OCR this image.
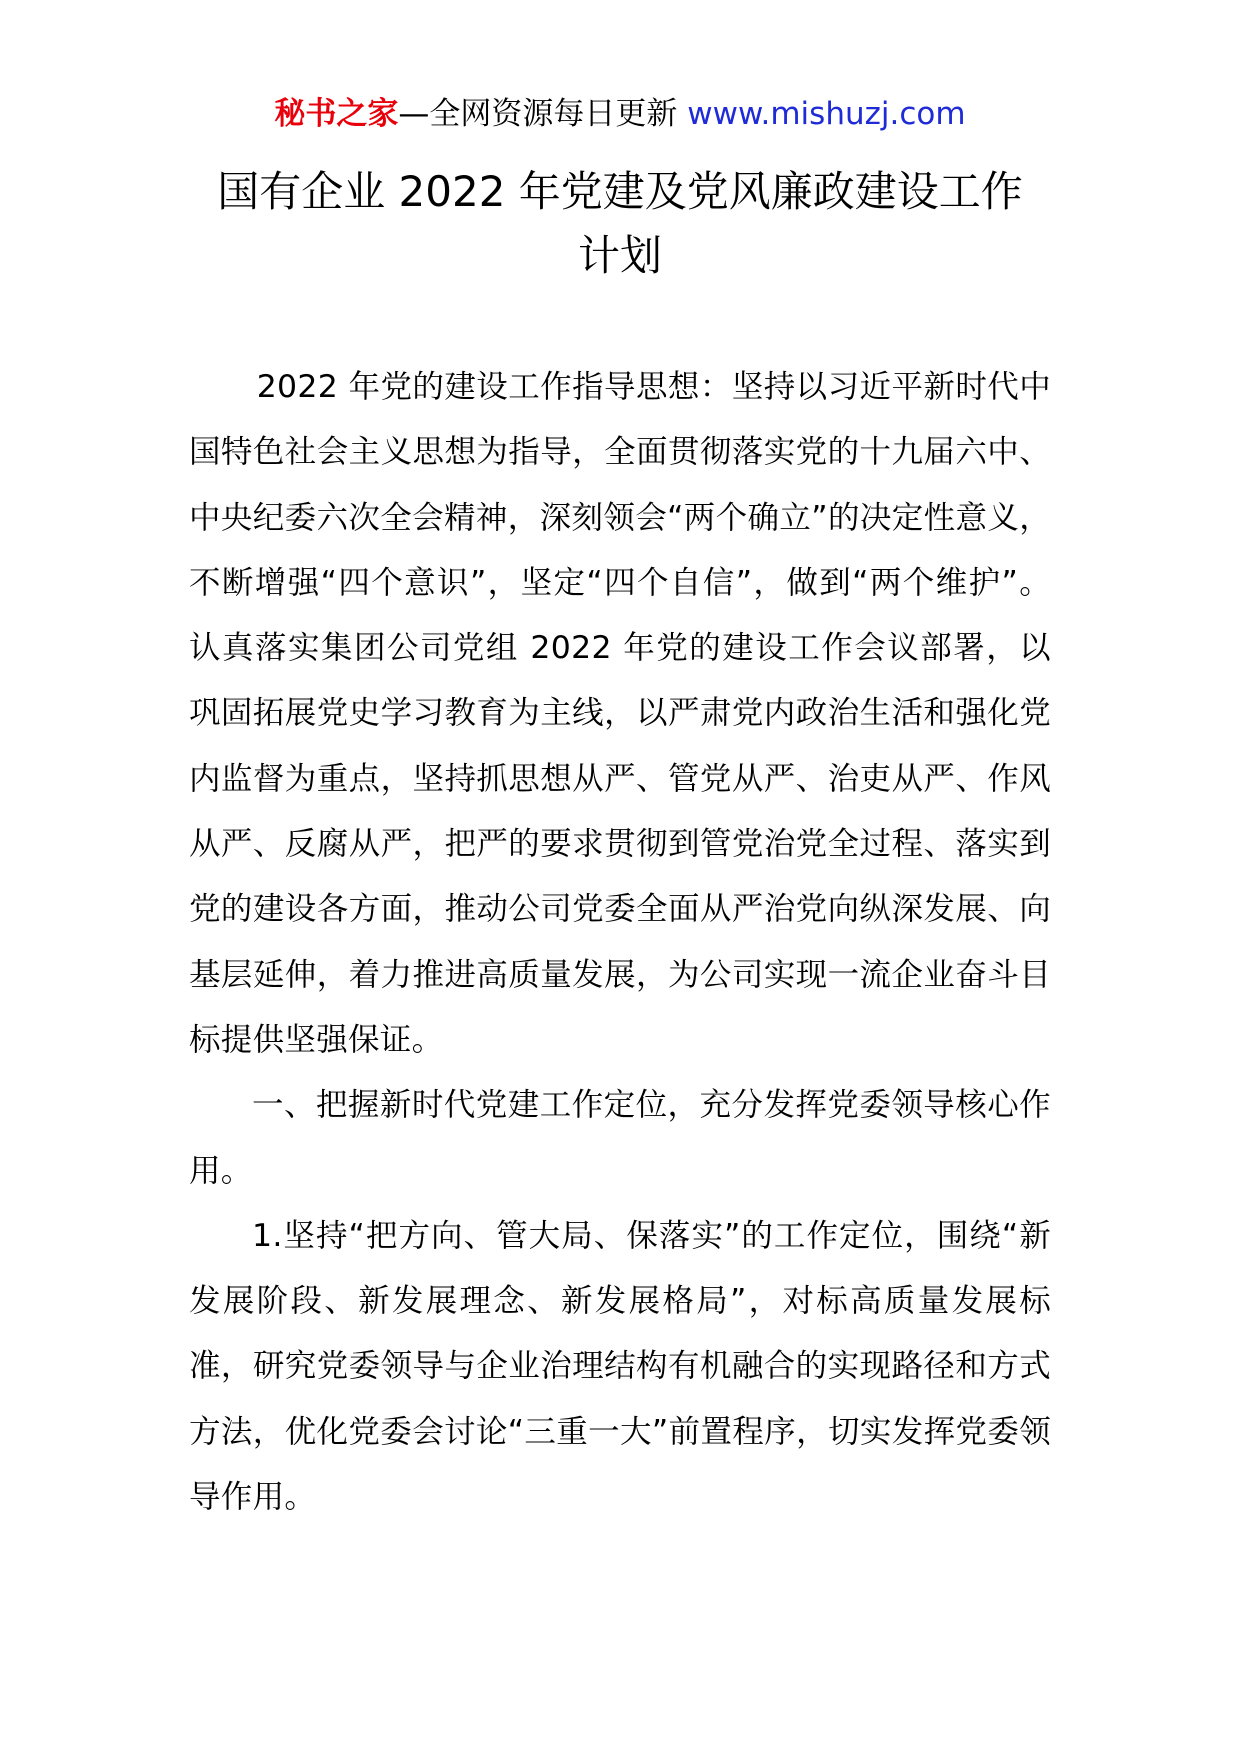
秘书之家—全网资源每日更新 www.mishuzj.com
国有企业 2022 年党建及党风廉政建设工作
计划

2022 年党的建设工作指导思想：坚持以习近平新时代中国特色社会主义思想为指导，全面贯彻落实党的十九届六中、中央纪委六次全会精神，深刻领会“两个确立”的决定性意义，不断增强“四个意识”，坚定“四个自信”，做到“两个维护”。认真落实集团公司党组 2022 年党的建设工作会议部署，以巩固拓展党史学习教育为主线，以严肃党内政治生活和强化党内监督为重点，坚持抓思想从严、管党从严、治吏从严、作风从严、反腐从严，把严的要求贯彻到管党治党全过程、落实到党的建设各方面，推动公司党委全面从严治党向纵深发展、向基层延伸，着力推进高质量发展，为公司实现一流企业奋斗目标提供坚强保证。

一、把握新时代党建工作定位，充分发挥党委领导核心作用。

1.坚持“把方向、管大局、保落实”的工作定位，围绕“新发展阶段、新发展理念、新发展格局”，对标高质量发展标准，研究党委领导与企业治理结构有机融合的实现路径和方式方法，优化党委会讨论“三重一大”前置程序，切实发挥党委领导作用。
